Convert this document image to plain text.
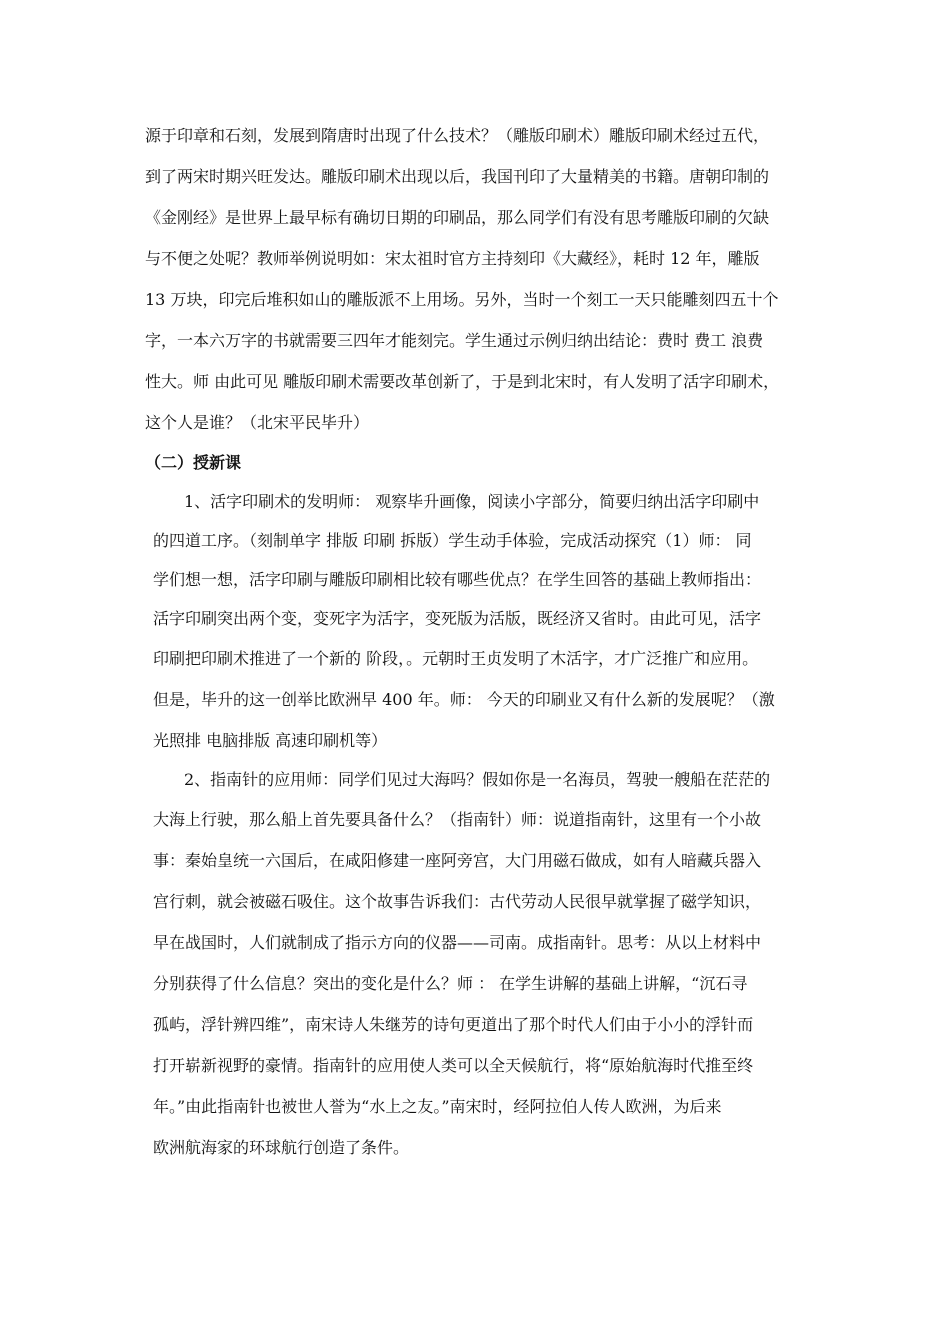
源于印章和石刻，发展到隋唐时出现了什么技术？（雕版印刷术）雕版印刷术经过五代，
到了两宋时期兴旺发达。雕版印刷术出现以后，我国刊印了大量精美的书籍。唐朝印制的
《金刚经》是世界上最早标有确切日期的印刷品，那么同学们有没有思考雕版印刷的欠缺
与不便之处呢？教师举例说明如：宋太祖时官方主持刻印《大藏经》，耗时 12 年，雕版
13 万块，印完后堆积如山的雕版派不上用场。另外，当时一个刻工一天只能雕刻四五十个
字，一本六万字的书就需要三四年才能刻完。学生通过示例归纳出结论：费时 费工 浪费
性大。师 由此可见 雕版印刷术需要改革创新了，于是到北宋时，有人发明了活字印刷术，
这个人是谁？（北宋平民毕升）
（二）授新课
1、活字印刷术的发明师： 观察毕升画像，阅读小字部分，简要归纳出活字印刷中
的四道工序。（刻制单字 排版 印刷 拆版）学生动手体验，完成活动探究（1）师： 同
学们想一想，活字印刷与雕版印刷相比较有哪些优点？在学生回答的基础上教师指出：
活字印刷突出两个变，变死字为活字，变死版为活版，既经济又省时。由此可见，活字
印刷把印刷术推进了一个新的 阶段，。元朝时王贞发明了木活字，才广泛推广和应用。
但是，毕升的这一创举比欧洲早 400 年。师： 今天的印刷业又有什么新的发展呢？（激
光照排 电脑排版 高速印刷机等）
2、指南针的应用师：同学们见过大海吗？假如你是一名海员，驾驶一艘船在茫茫的
大海上行驶，那么船上首先要具备什么？（指南针）师：说道指南针，这里有一个小故
事：秦始皇统一六国后，在咸阳修建一座阿旁宫，大门用磁石做成，如有人暗藏兵器入
宫行刺，就会被磁石吸住。这个故事告诉我们：古代劳动人民很早就掌握了磁学知识，
早在战国时，人们就制成了指示方向的仪器——司南。成指南针。思考：从以上材料中
分别获得了什么信息？突出的变化是什么？师 ： 在学生讲解的基础上讲解，“沉石寻
孤屿，浮针辨四维”，南宋诗人朱继芳的诗句更道出了那个时代人们由于小小的浮针而
打开崭新视野的豪情。指南针的应用使人类可以全天候航行，将“原始航海时代推至终
年。”由此指南针也被世人誉为“水上之友。”南宋时，经阿拉伯人传人欧洲，为后来
欧洲航海家的环球航行创造了条件。
